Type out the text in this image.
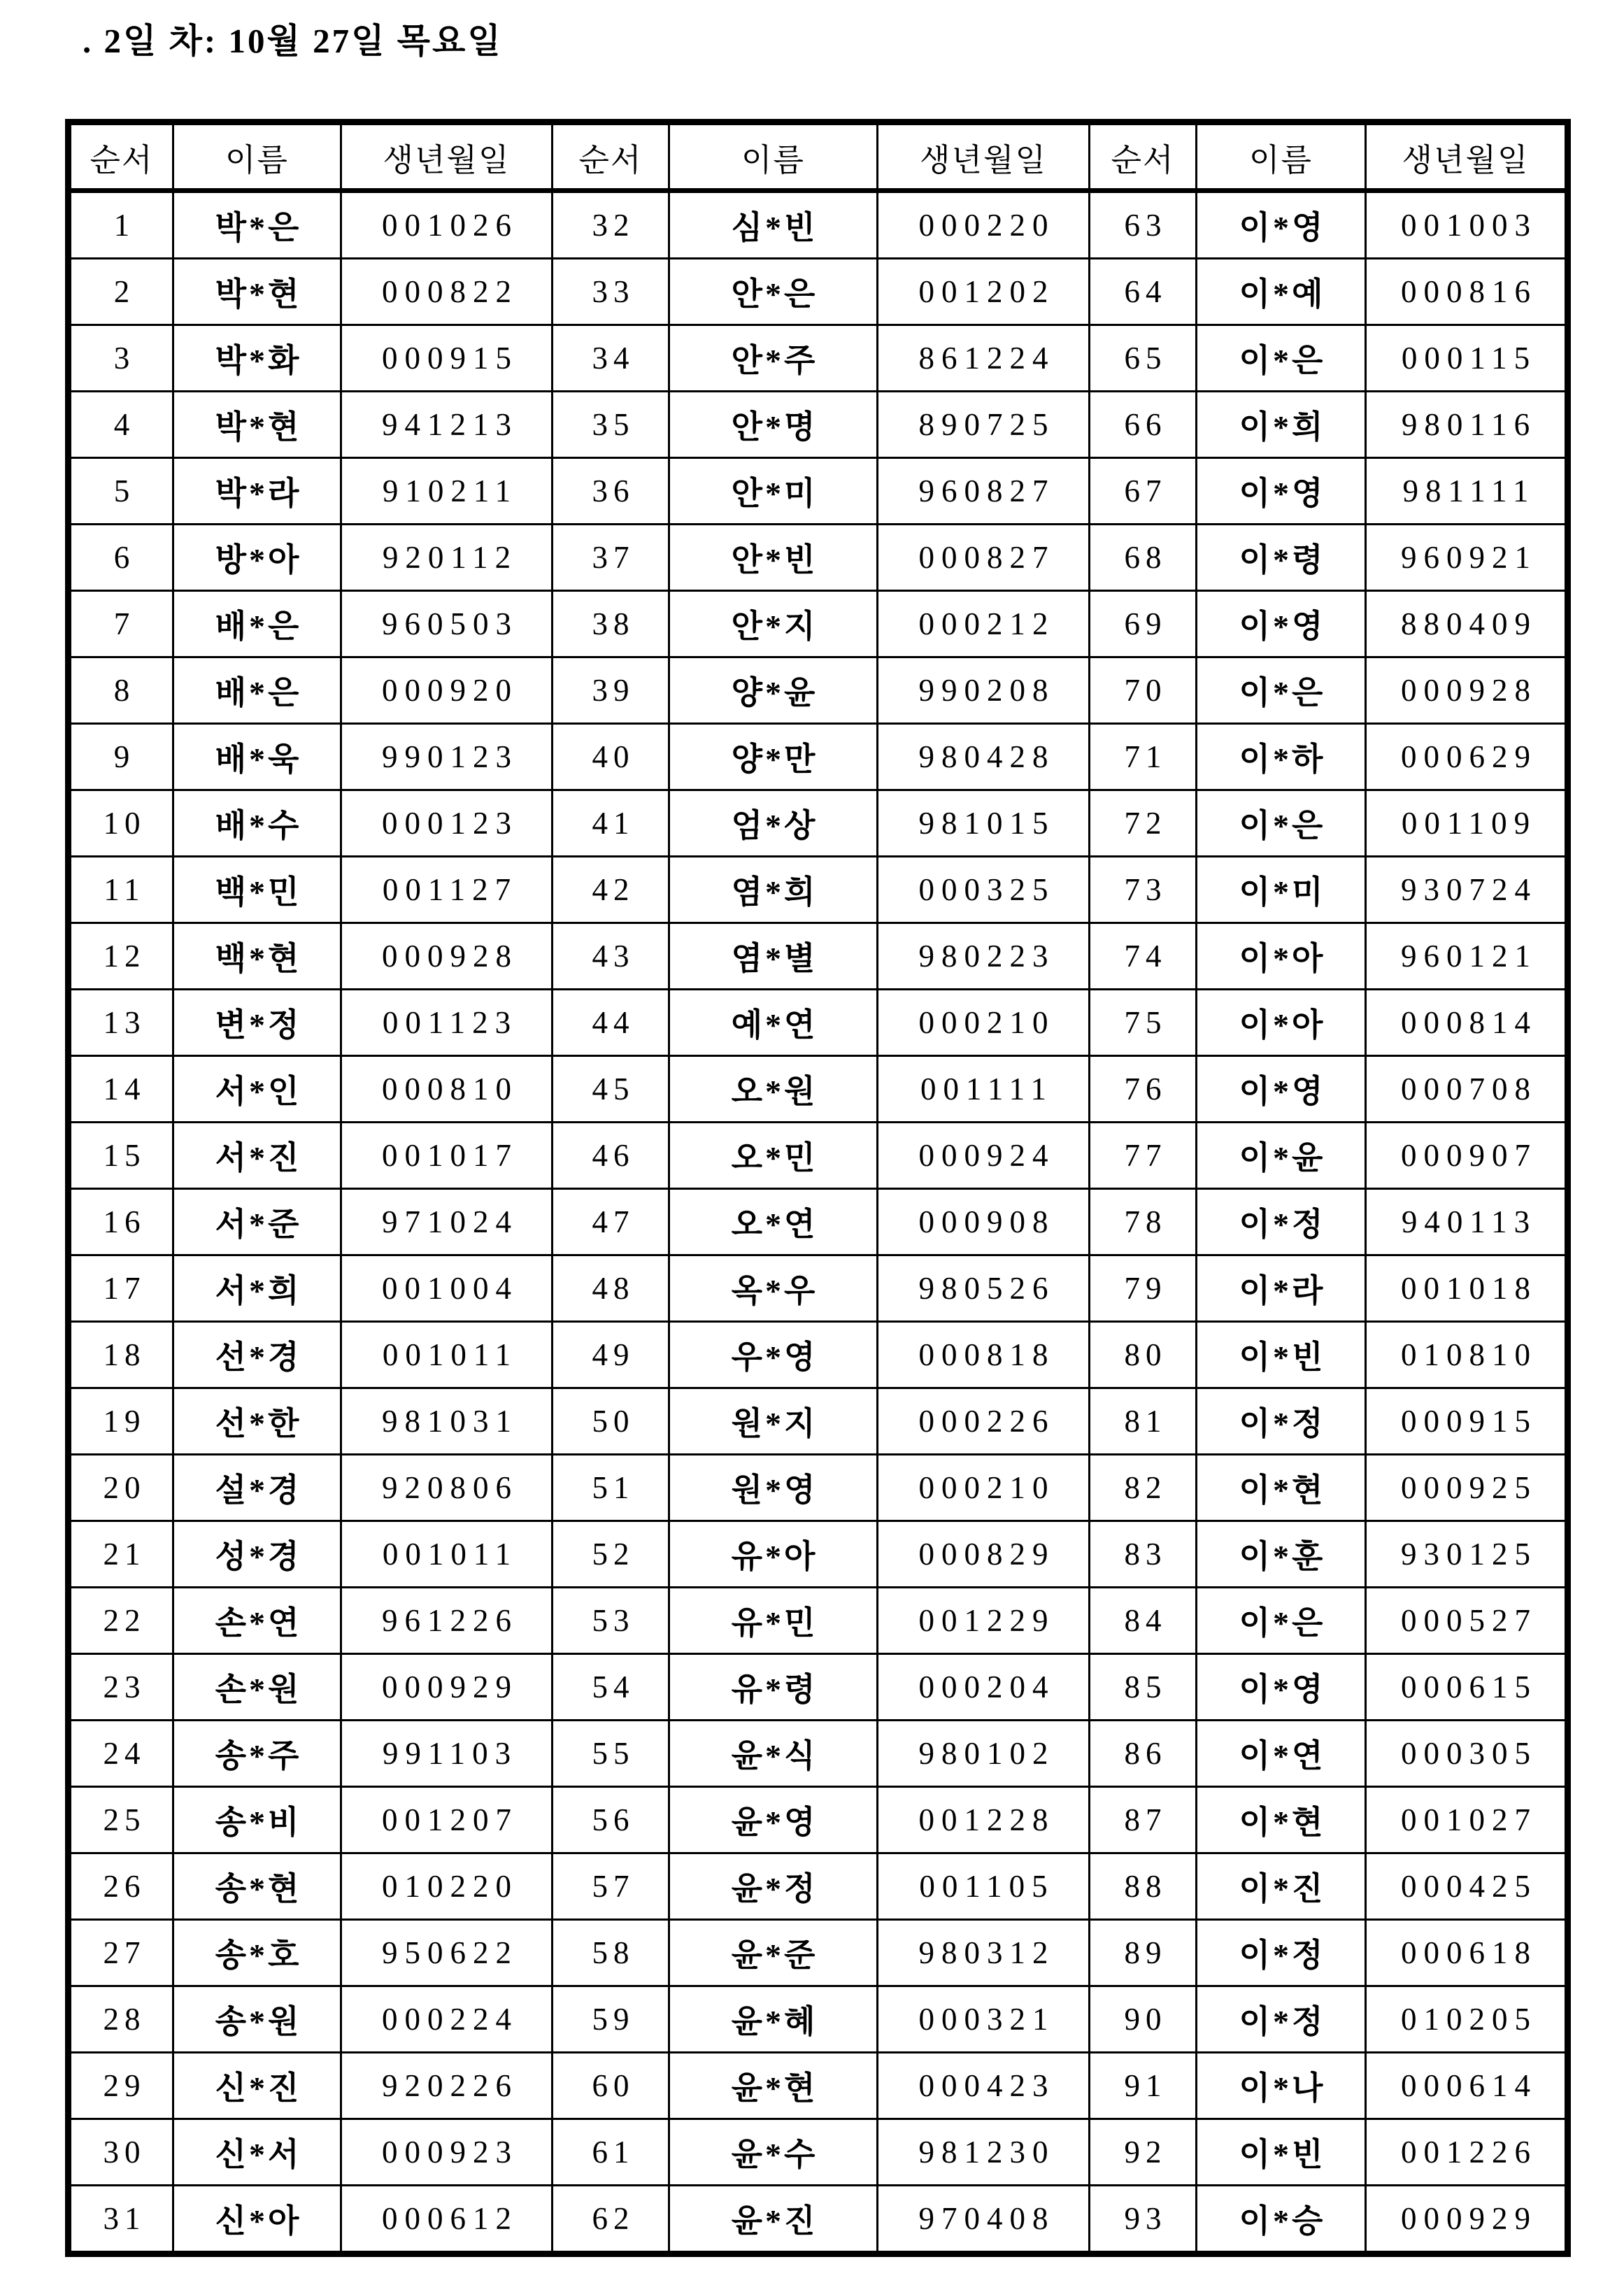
. 2일 차: 10월 27일 목요일
순서	이름	생년월일	순서	이름	생년월일	순서	이름	생년월일
1	박*은	001026	32	심*빈	000220	63	이*영	001003
2	박*현	000822	33	안*은	001202	64	이*예	000816
3	박*화	000915	34	안*주	861224	65	이*은	000115
4	박*현	941213	35	안*명	890725	66	이*희	980116
5	박*라	910211	36	안*미	960827	67	이*영	981111
6	방*아	920112	37	안*빈	000827	68	이*령	960921
7	배*은	960503	38	안*지	000212	69	이*영	880409
8	배*은	000920	39	양*윤	990208	70	이*은	000928
9	배*욱	990123	40	양*만	980428	71	이*하	000629
10	배*수	000123	41	엄*상	981015	72	이*은	001109
11	백*민	001127	42	염*희	000325	73	이*미	930724
12	백*현	000928	43	염*별	980223	74	이*아	960121
13	변*정	001123	44	예*연	000210	75	이*아	000814
14	서*인	000810	45	오*원	001111	76	이*영	000708
15	서*진	001017	46	오*민	000924	77	이*윤	000907
16	서*준	971024	47	오*연	000908	78	이*정	940113
17	서*희	001004	48	옥*우	980526	79	이*라	001018
18	선*경	001011	49	우*영	000818	80	이*빈	010810
19	선*한	981031	50	원*지	000226	81	이*정	000915
20	설*경	920806	51	원*영	000210	82	이*현	000925
21	성*경	001011	52	유*아	000829	83	이*훈	930125
22	손*연	961226	53	유*민	001229	84	이*은	000527
23	손*원	000929	54	유*령	000204	85	이*영	000615
24	송*주	991103	55	윤*식	980102	86	이*연	000305
25	송*비	001207	56	윤*영	001228	87	이*현	001027
26	송*현	010220	57	윤*정	001105	88	이*진	000425
27	송*호	950622	58	윤*준	980312	89	이*정	000618
28	송*원	000224	59	윤*혜	000321	90	이*정	010205
29	신*진	920226	60	윤*현	000423	91	이*나	000614
30	신*서	000923	61	윤*수	981230	92	이*빈	001226
31	신*아	000612	62	윤*진	970408	93	이*승	000929
